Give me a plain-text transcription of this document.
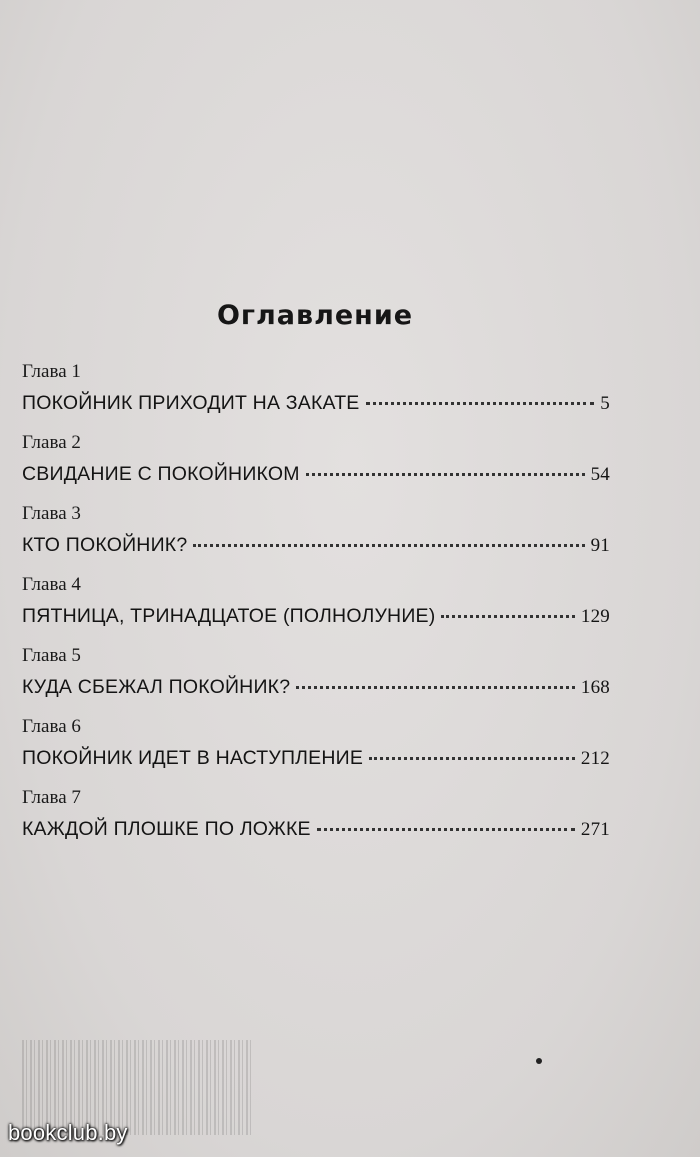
Оглавление
Глава 1
ПОКОЙНИК ПРИХОДИТ НА ЗАКАТЕ	5
Глава 2
СВИДАНИЕ С ПОКОЙНИКОМ	54
Глава 3
КТО ПОКОЙНИК?	91
Глава 4
ПЯТНИЦА, ТРИНАДЦАТОЕ (ПОЛНОЛУНИЕ)	129
Глава 5
КУДА СБЕЖАЛ ПОКОЙНИК?	168
Глава 6
ПОКОЙНИК ИДЕТ В НАСТУПЛЕНИЕ	212
Глава 7
КАЖДОЙ ПЛОШКЕ ПО ЛОЖКЕ	271
bookclub.by
